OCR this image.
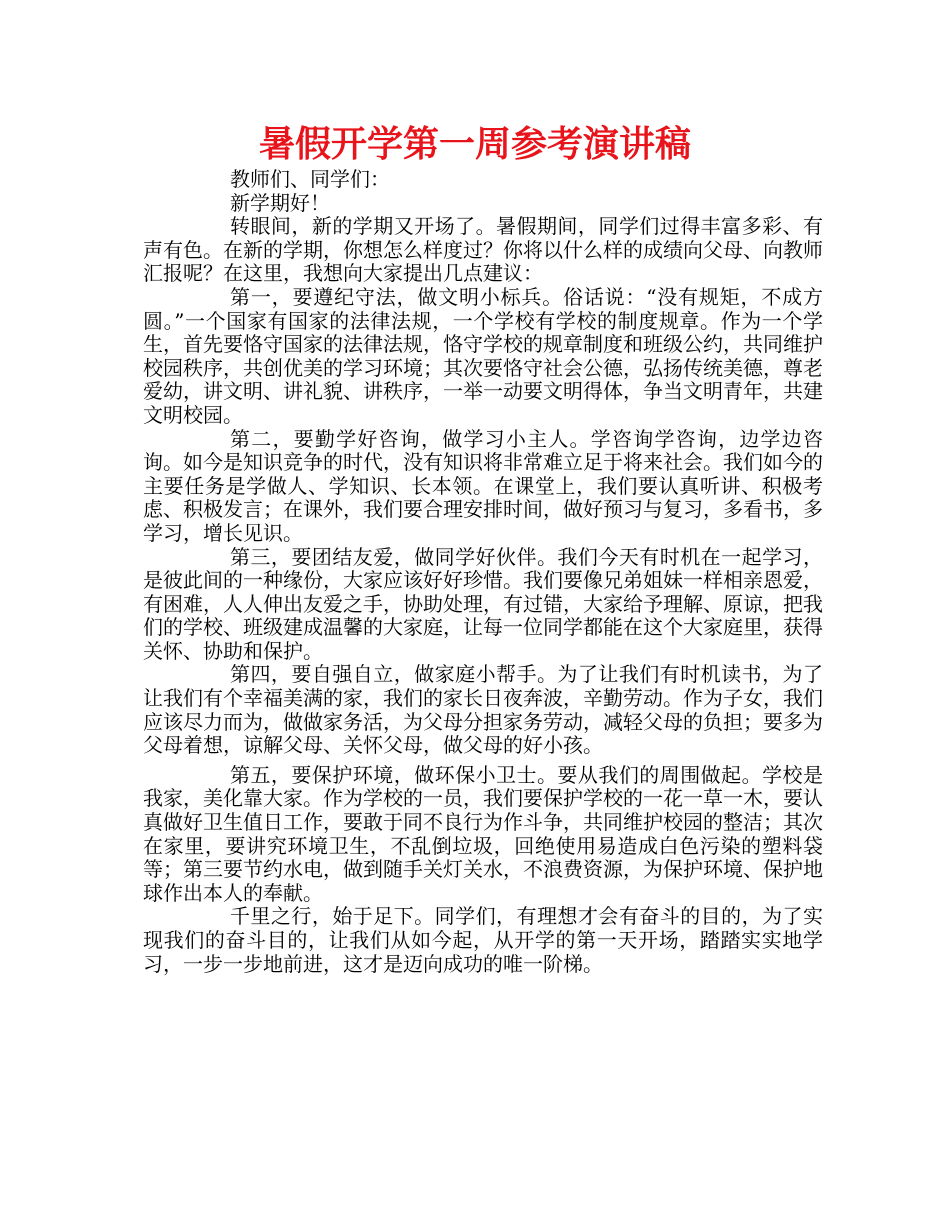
暑假开学第一周参考演讲稿

教师们、同学们：

新学期好！

转眼间，新的学期又开场了。暑假期间，同学们过得丰富多彩、有声有色。在新的学期，你想怎么样度过？你将以什么样的成绩向父母、向教师汇报呢？在这里，我想向大家提出几点建议：

第一，要遵纪守法，做文明小标兵。俗话说：“没有规矩，不成方圆。”一个国家有国家的法律法规，一个学校有学校的制度规章。作为一个学生，首先要恪守国家的法律法规，恪守学校的规章制度和班级公约，共同维护校园秩序，共创优美的学习环境；其次要恪守社会公德，弘扬传统美德，尊老爱幼，讲文明、讲礼貌、讲秩序，一举一动要文明得体，争当文明青年，共建文明校园。

第二，要勤学好咨询，做学习小主人。学咨询学咨询，边学边咨询。如今是知识竞争的时代，没有知识将非常难立足于将来社会。我们如今的主要任务是学做人、学知识、长本领。在课堂上，我们要认真听讲、积极考虑、积极发言；在课外，我们要合理安排时间，做好预习与复习，多看书，多学习，增长见识。

第三，要团结友爱，做同学好伙伴。我们今天有时机在一起学习，是彼此间的一种缘份，大家应该好好珍惜。我们要像兄弟姐妹一样相亲恩爱，有困难，人人伸出友爱之手，协助处理，有过错，大家给予理解、原谅，把我们的学校、班级建成温馨的大家庭，让每一位同学都能在这个大家庭里，获得关怀、协助和保护。

第四，要自强自立，做家庭小帮手。为了让我们有时机读书，为了让我们有个幸福美满的家，我们的家长日夜奔波，辛勤劳动。作为子女，我们应该尽力而为，做做家务活，为父母分担家务劳动，减轻父母的负担；要多为父母着想，谅解父母、关怀父母，做父母的好小孩。

第五，要保护环境，做环保小卫士。要从我们的周围做起。学校是我家，美化靠大家。作为学校的一员，我们要保护学校的一花一草一木，要认真做好卫生值日工作，要敢于同不良行为作斗争，共同维护校园的整洁；其次在家里，要讲究环境卫生，不乱倒垃圾，回绝使用易造成白色污染的塑料袋等；第三要节约水电，做到随手关灯关水，不浪费资源，为保护环境、保护地球作出本人的奉献。

千里之行，始于足下。同学们，有理想才会有奋斗的目的，为了实现我们的奋斗目的，让我们从如今起，从开学的第一天开场，踏踏实实地学习，一步一步地前进，这才是迈向成功的唯一阶梯。
